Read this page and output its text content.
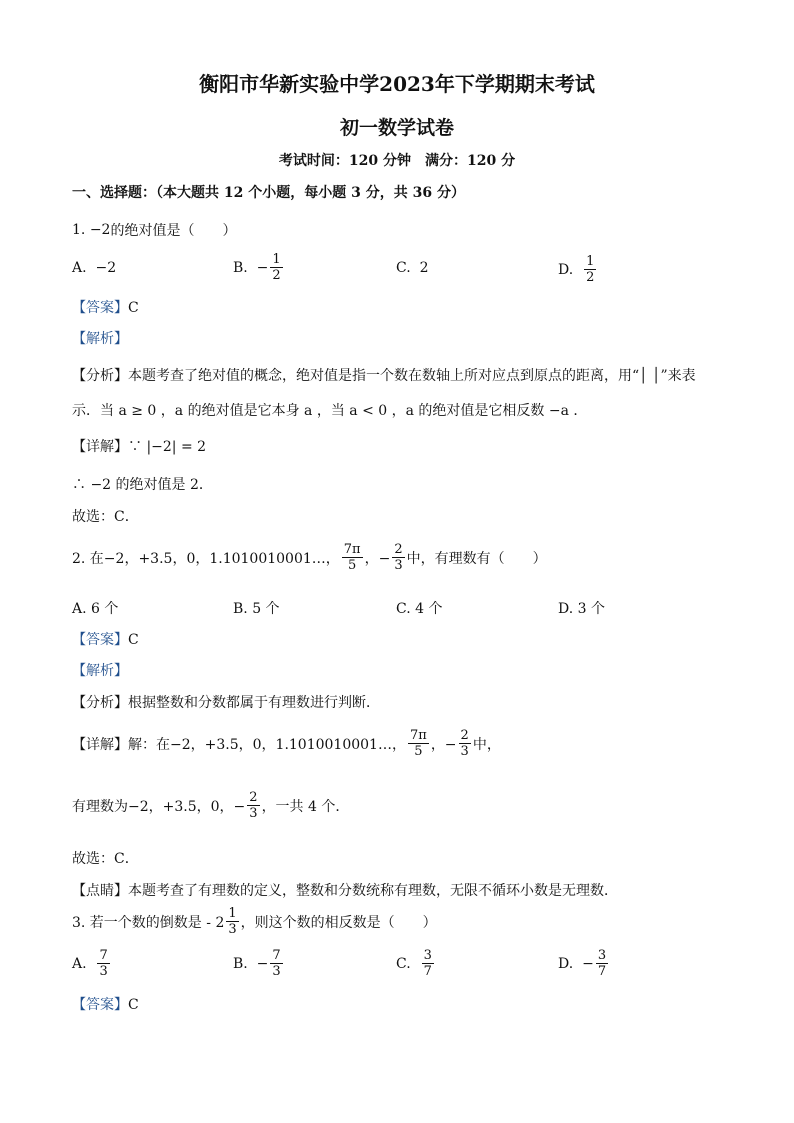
衡阳市华新实验中学2023年下学期期末考试
初一数学试卷
考试时间：120 分钟　满分：120 分
一、选择题：（本大题共 12 个小题，每小题 3 分，共 36 分）
1.
−2 的绝对值是（　　）
A.
−2	B.
− $\frac{1}{2}$	C.
2	D.
$\frac{1}{2}$
【答案】C
【解析】
【分析】本题考查了绝对值的概念，绝对值是指一个数在数轴上所对应点到原点的距离，用“│ │”来表
示．当 a ≥ 0 ，a 的绝对值是它本身 a ，当 a < 0 ，a 的绝对值是它相反数 −a ．
【详解】∵ |−2| = 2
∴ −2 的绝对值是 2．
故选：C．
2. 在−2，+3.5，0，1.1010010001…， $\frac{7\pi}{5}$ ，− $\frac{2}{3}$ 中，有理数有（　　）
A. 6 个	B. 5 个	C. 4 个	D. 3 个
【答案】C
【解析】
【分析】根据整数和分数都属于有理数进行判断．
【详解】 解：在−2，+3.5，0，1.1010010001…， $\frac{7\pi}{5}$ ，− $\frac{2}{3}$ 中，
有理数为−2，+3.5，0，− $\frac{2}{3}$ ，一共 4 个．
故选：C．
【点睛】本题考查了有理数的定义，整数和分数统称有理数，无限不循环小数是无理数．
3. 若一个数的倒数是 - $2 \frac{1}{3}$ ，则这个数的相反数是（　　）
A.
$\frac{7}{3}$	B.
− $\frac{7}{3}$	C.
$\frac{3}{7}$	D.
− $\frac{3}{7}$
【答案】C
